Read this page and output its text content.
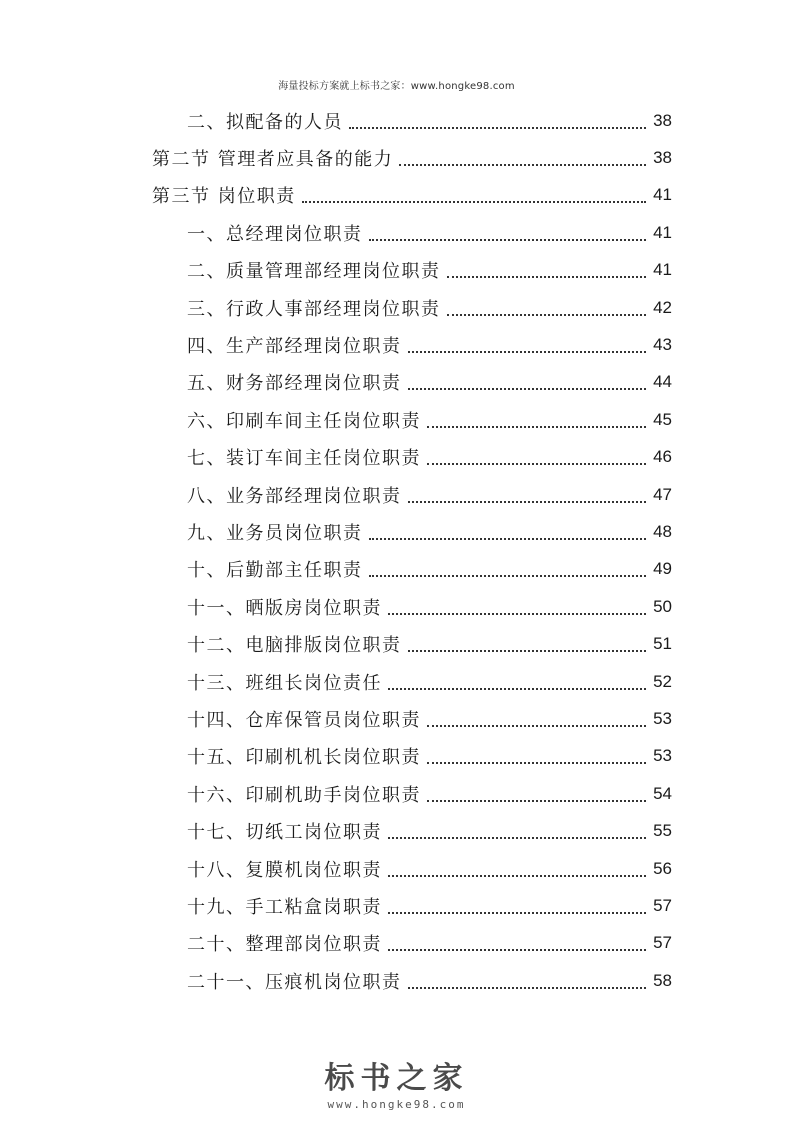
海量投标方案就上标书之家：www.hongke98.com
二、拟配备的人员	38
第二节 管理者应具备的能力	38
第三节 岗位职责	41
一、总经理岗位职责	41
二、质量管理部经理岗位职责	41
三、行政人事部经理岗位职责	42
四、生产部经理岗位职责	43
五、财务部经理岗位职责	44
六、印刷车间主任岗位职责	45
七、装订车间主任岗位职责	46
八、业务部经理岗位职责	47
九、业务员岗位职责	48
十、后勤部主任职责	49
十一、晒版房岗位职责	50
十二、电脑排版岗位职责	51
十三、班组长岗位责任	52
十四、仓库保管员岗位职责	53
十五、印刷机机长岗位职责	53
十六、印刷机助手岗位职责	54
十七、切纸工岗位职责	55
十八、复膜机岗位职责	56
十九、手工粘盒岗职责	57
二十、整理部岗位职责	57
二十一、压痕机岗位职责	58
标书之家
www.hongke98.com
